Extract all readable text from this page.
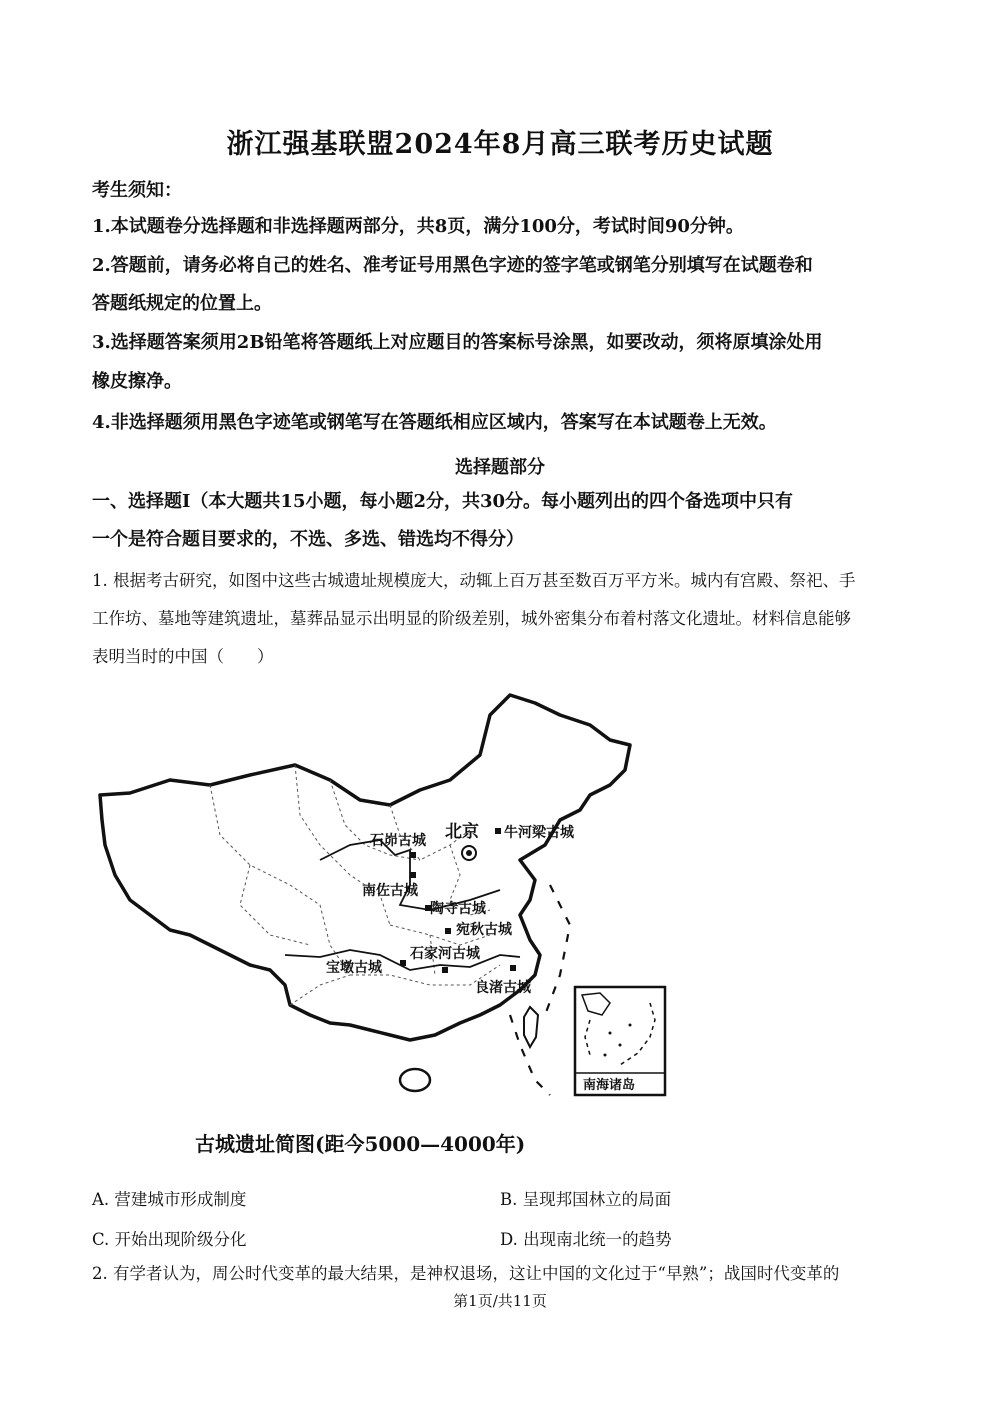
浙江强基联盟2024年8月高三联考历史试题
考生须知：
1.本试题卷分选择题和非选择题两部分，共8页，满分100分，考试时间90分钟。
2.答题前，请务必将自己的姓名、准考证号用黑色字迹的签字笔或钢笔分别填写在试题卷和
答题纸规定的位置上。
3.选择题答案须用2B铅笔将答题纸上对应题目的答案标号涂黑，如要改动，须将原填涂处用
橡皮擦净。
4.非选择题须用黑色字迹笔或钢笔写在答题纸相应区域内，答案写在本试题卷上无效。
选择题部分
一、选择题Ⅰ（本大题共15小题，每小题2分，共30分。每小题列出的四个备选项中只有
一个是符合题目要求的，不选、多选、错选均不得分）
1. 根据考古研究，如图中这些古城遗址规模庞大，动辄上百万甚至数百万平方米。城内有宫殿、祭祀、手
工作坊、墓地等建筑遗址，墓葬品显示出明显的阶级差别，城外密集分布着村落文化遗址。材料信息能够
表明当时的中国（　　）
北京 牛河梁古城
石峁古城
南佐古城
陶寺古城
宛秋古城
宝墩古城
石家河古城
良渚古城
南海诸岛
古城遗址简图(距今5000—4000年)
A. 营建城市形成制度	B. 呈现邦国林立的局面
C. 开始出现阶级分化	D. 出现南北统一的趋势
2. 有学者认为，周公时代变革的最大结果，是神权退场，这让中国的文化过于“早熟”；战国时代变革的
第1页/共11页
